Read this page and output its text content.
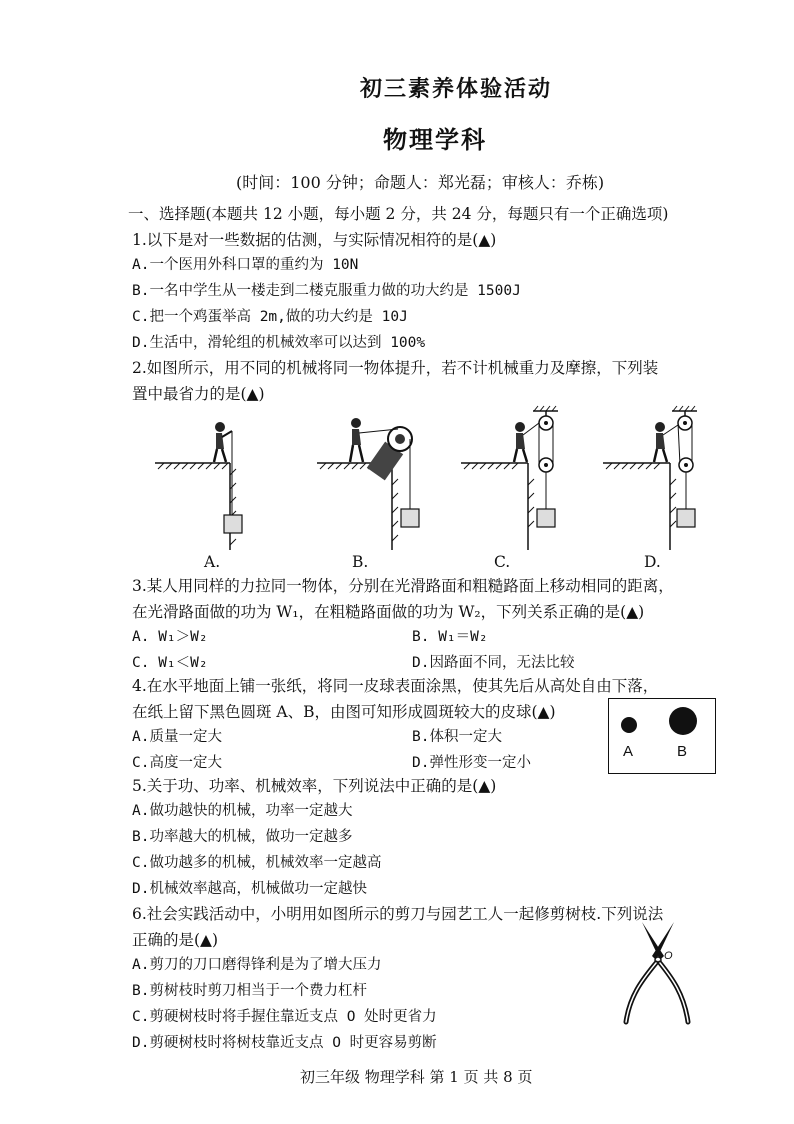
初三素养体验活动
物理学科
(时间：100 分钟；命题人：郑光磊；审核人：乔栋)
一、选择题(本题共 12 小题，每小题 2 分，共 24 分，每题只有一个正确选项)
1.以下是对一些数据的估测，与实际情况相符的是(▲)
A.一个医用外科口罩的重约为 10N
B.一名中学生从一楼走到二楼克服重力做的功大约是 1500J
C.把一个鸡蛋举高 2m,做的功大约是 10J
D.生活中，滑轮组的机械效率可以达到 100%
2.如图所示，用不同的机械将同一物体提升，若不计机械重力及摩擦，下列装
置中最省力的是(▲)
A.	B.	C.	D.
3.某人用同样的力拉同一物体，分别在光滑路面和粗糙路面上移动相同的距离，
在光滑路面做的功为 W₁，在粗糙路面做的功为 W₂，下列关系正确的是(▲)
A. W₁＞W₂	B. W₁＝W₂
C. W₁＜W₂	D.因路面不同，无法比较
4.在水平地面上铺一张纸，将同一皮球表面涂黑，使其先后从高处自由下落，
在纸上留下黑色圆斑 A、B，由图可知形成圆斑较大的皮球(▲)
A.质量一定大	B.体积一定大
C.高度一定大	D.弹性形变一定小
A	B
5.关于功、功率、机械效率，下列说法中正确的是(▲)
A.做功越快的机械，功率一定越大
B.功率越大的机械，做功一定越多
C.做功越多的机械，机械效率一定越高
D.机械效率越高，机械做功一定越快
6.社会实践活动中，小明用如图所示的剪刀与园艺工人一起修剪树枝.下列说法
正确的是(▲)
A.剪刀的刀口磨得锋利是为了增大压力
B.剪树枝时剪刀相当于一个费力杠杆
C.剪硬树枝时将手握住靠近支点 O 处时更省力
D.剪硬树枝时将树枝靠近支点 O 时更容易剪断
O
初三年级 物理学科 第 1 页 共 8 页
